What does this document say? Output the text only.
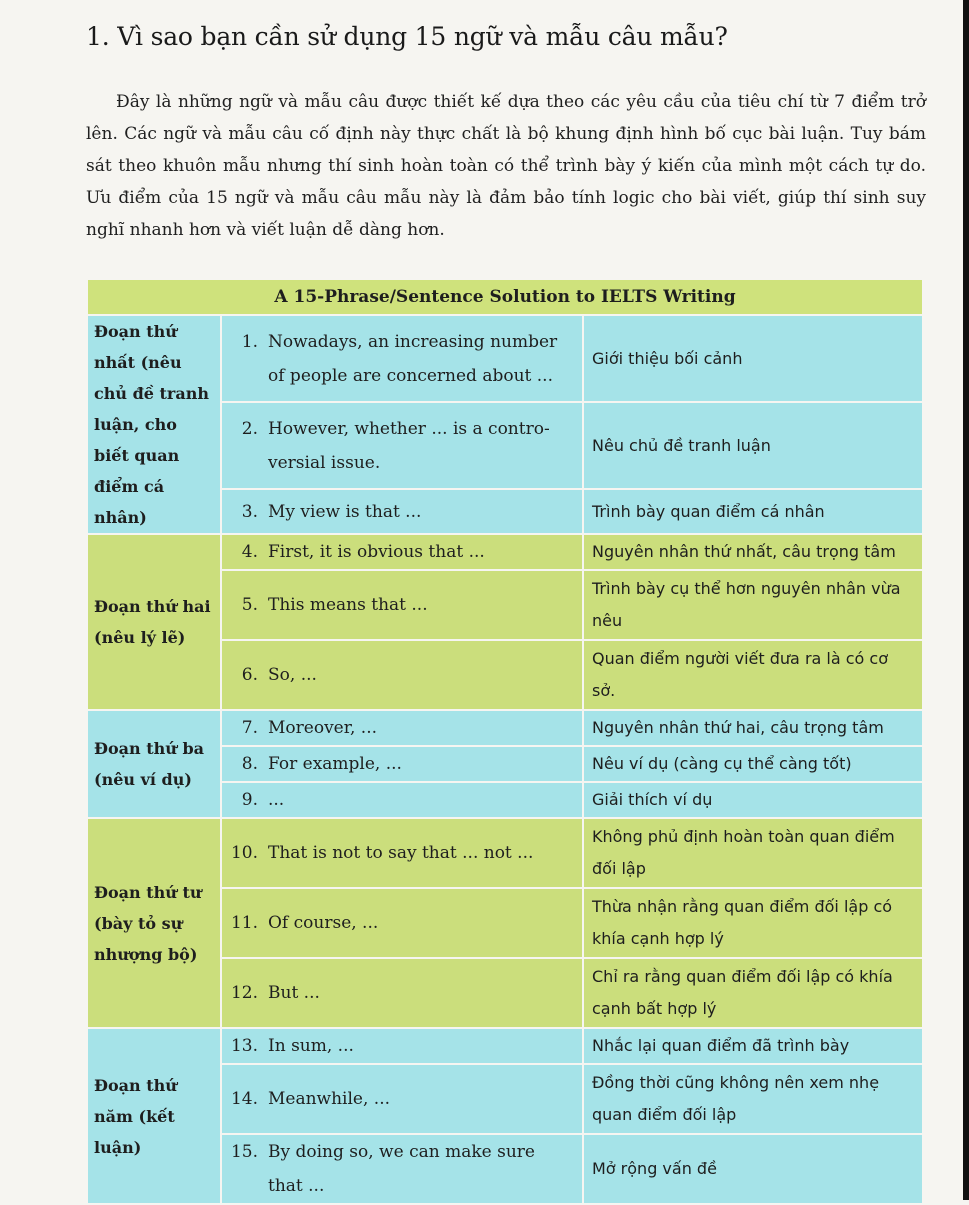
1. Vì sao bạn cần sử dụng 15 ngữ và mẫu câu mẫu?

Đây là những ngữ và mẫu câu được thiết kế dựa theo các yêu cầu của tiêu chí từ 7 điểm trở lên. Các ngữ và mẫu câu cố định này thực chất là bộ khung định hình bố cục bài luận. Tuy bám sát theo khuôn mẫu nhưng thí sinh hoàn toàn có thể trình bày ý kiến của mình một cách tự do. Ưu điểm của 15 ngữ và mẫu câu mẫu này là đảm bảo tính logic cho bài viết, giúp thí sinh suy nghĩ nhanh hơn và viết luận dễ dàng hơn.

A 15-Phrase/Sentence Solution to IELTS Writing		
Đoạn thứ nhất (nêu chủ đề tranh luận, cho biết quan điểm cá nhân)	1. Nowadays, an increasing number of people are concerned about ...	Giới thiệu bối cảnh
	2. However, whether ... is a contro-versial issue.	Nêu chủ đề tranh luận
	3. My view is that ...	Trình bày quan điểm cá nhân
Đoạn thứ hai (nêu lý lẽ)	4. First, it is obvious that ...	Nguyên nhân thứ nhất, câu trọng tâm
	5. This means that ...	Trình bày cụ thể hơn nguyên nhân vừa nêu
	6. So, ...	Quan điểm người viết đưa ra là có cơ sở.
Đoạn thứ ba (nêu ví dụ)	7. Moreover, ...	Nguyên nhân thứ hai, câu trọng tâm
	8. For example, ...	Nêu ví dụ (càng cụ thể càng tốt)
	9. ...	Giải thích ví dụ
Đoạn thứ tư (bày tỏ sự nhượng bộ)	10. That is not to say that ... not ...	Không phủ định hoàn toàn quan điểm đối lập
	11. Of course, ...	Thừa nhận rằng quan điểm đối lập có khía cạnh hợp lý
	12. But ...	Chỉ ra rằng quan điểm đối lập có khía cạnh bất hợp lý
Đoạn thứ năm (kết luận)	13. In sum, ...	Nhắc lại quan điểm đã trình bày
	14. Meanwhile, ...	Đồng thời cũng không nên xem nhẹ quan điểm đối lập
	15. By doing so, we can make sure that ...	Mở rộng vấn đề
